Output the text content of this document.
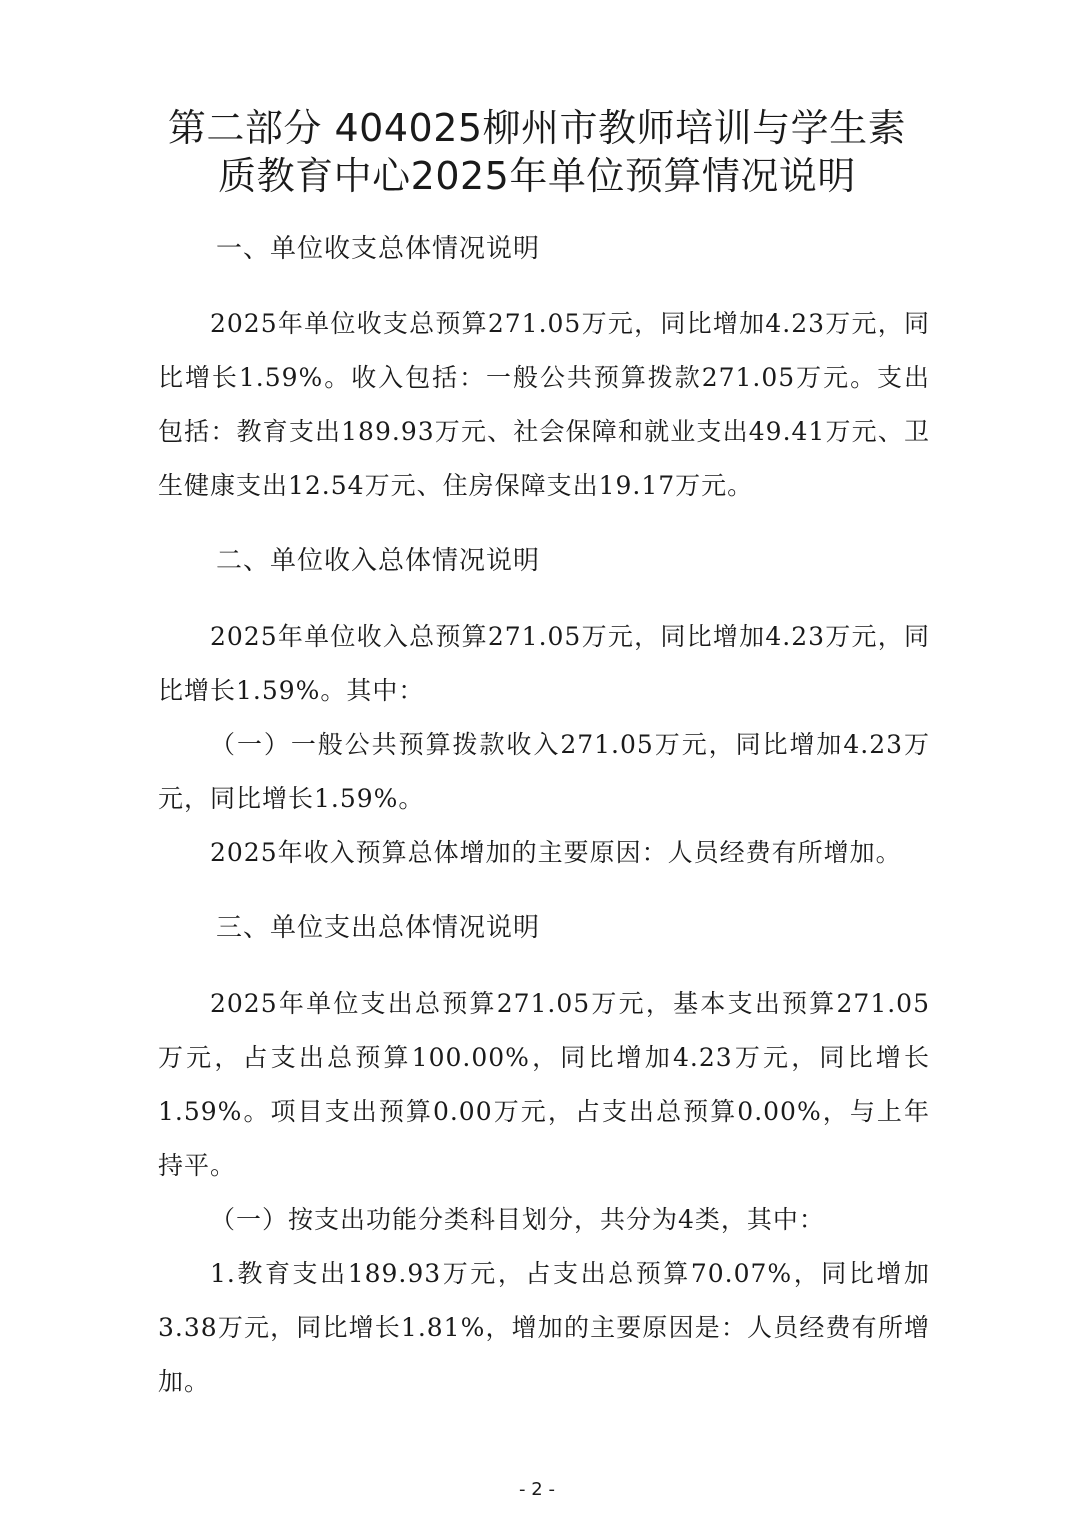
第二部分 404025柳州市教师培训与学生素
质教育中心2025年单位预算情况说明
一、单位收支总体情况说明

2025年单位收支总预算271.05万元，同比增加4.23万元，同比增长1.59%。收入包括：一般公共预算拨款271.05万元。支出包括：教育支出189.93万元、社会保障和就业支出49.41万元、卫生健康支出12.54万元、住房保障支出19.17万元。

二、单位收入总体情况说明

2025年单位收入总预算271.05万元，同比增加4.23万元，同比增长1.59%。其中：

（一）一般公共预算拨款收入271.05万元，同比增加4.23万元，同比增长1.59%。

2025年收入预算总体增加的主要原因：人员经费有所增加。

三、单位支出总体情况说明

2025年单位支出总预算271.05万元，基本支出预算271.05万元，占支出总预算100.00%，同比增加4.23万元，同比增长1.59%。项目支出预算0.00万元，占支出总预算0.00%，与上年持平。

（一）按支出功能分类科目划分，共分为4类，其中：

1.教育支出189.93万元，占支出总预算70.07%，同比增加3.38万元，同比增长1.81%，增加的主要原因是：人员经费有所增加。

- 2 -
